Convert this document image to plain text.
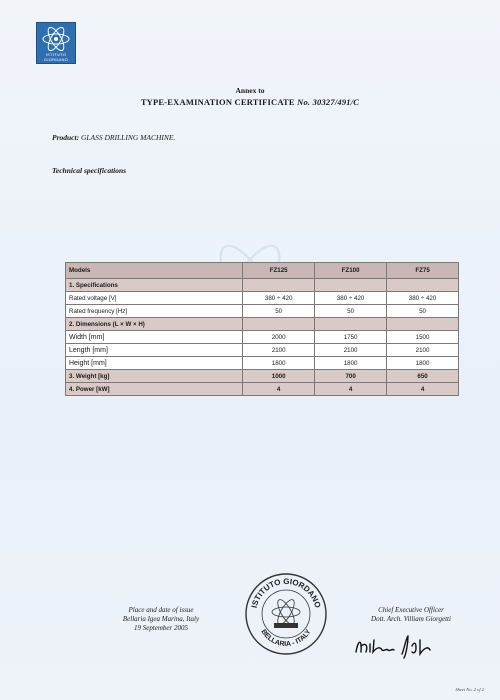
ISTITUTO GIORDANO
Annex to
TYPE-EXAMINATION CERTIFICATE No. 30327/491/C
Product: GLASS DRILLING MACHINE.
Technical specifications
Models	FZ125	FZ100	FZ75
1. Specifications			
Rated voltage [V]	380 ÷ 420	380 ÷ 420	380 ÷ 420
Rated frequency [Hz]	50	50	50
2. Dimensions (L × W × H)			
Width [mm]	2000	1750	1500
Length [mm]	2100	2100	2100
Height [mm]	1800	1800	1800
3. Weight [kg]	1000	700	650
4. Power [kW]	4	4	4
Place and date of issue
Bellaria Igea Marina, Italy
19 September 2005
ISTITUTO GIORDANO
BELLARIA - ITALY
Chief Executive Officer
Dott. Arch. Villiam Giorgetti
Sheet No. 2 of 2
